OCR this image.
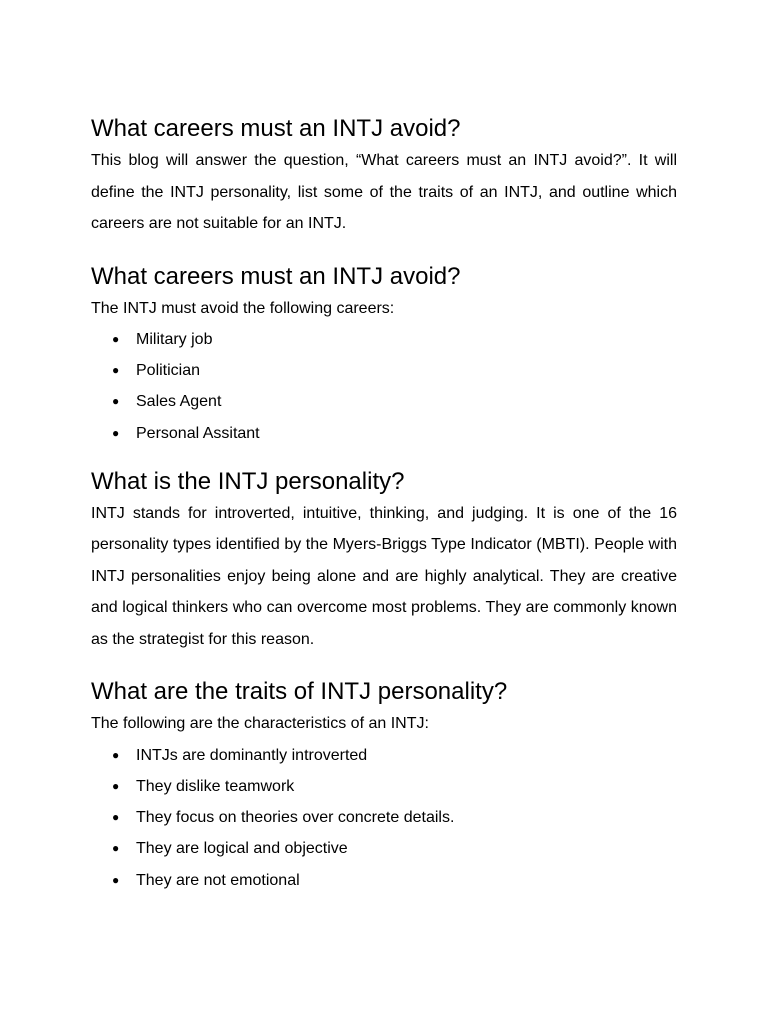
What careers must an INTJ avoid?

This blog will answer the question, “What careers must an INTJ avoid?”. It will define the INTJ personality, list some of the traits of an INTJ, and outline which careers are not suitable for an INTJ.

What careers must an INTJ avoid?

The INTJ must avoid the following careers:

● Military job
● Politician
● Sales Agent
● Personal Assitant
What is the INTJ personality?

INTJ stands for introverted, intuitive, thinking, and judging. It is one of the 16 personality types identified by the Myers-Briggs Type Indicator (MBTI). People with INTJ personalities enjoy being alone and are highly analytical. They are creative and logical thinkers who can overcome most problems. They are commonly known as the strategist for this reason.

What are the traits of INTJ personality?

The following are the characteristics of an INTJ:

● INTJs are dominantly introverted
● They dislike teamwork
● They focus on theories over concrete details.
● They are logical and objective
● They are not emotional
